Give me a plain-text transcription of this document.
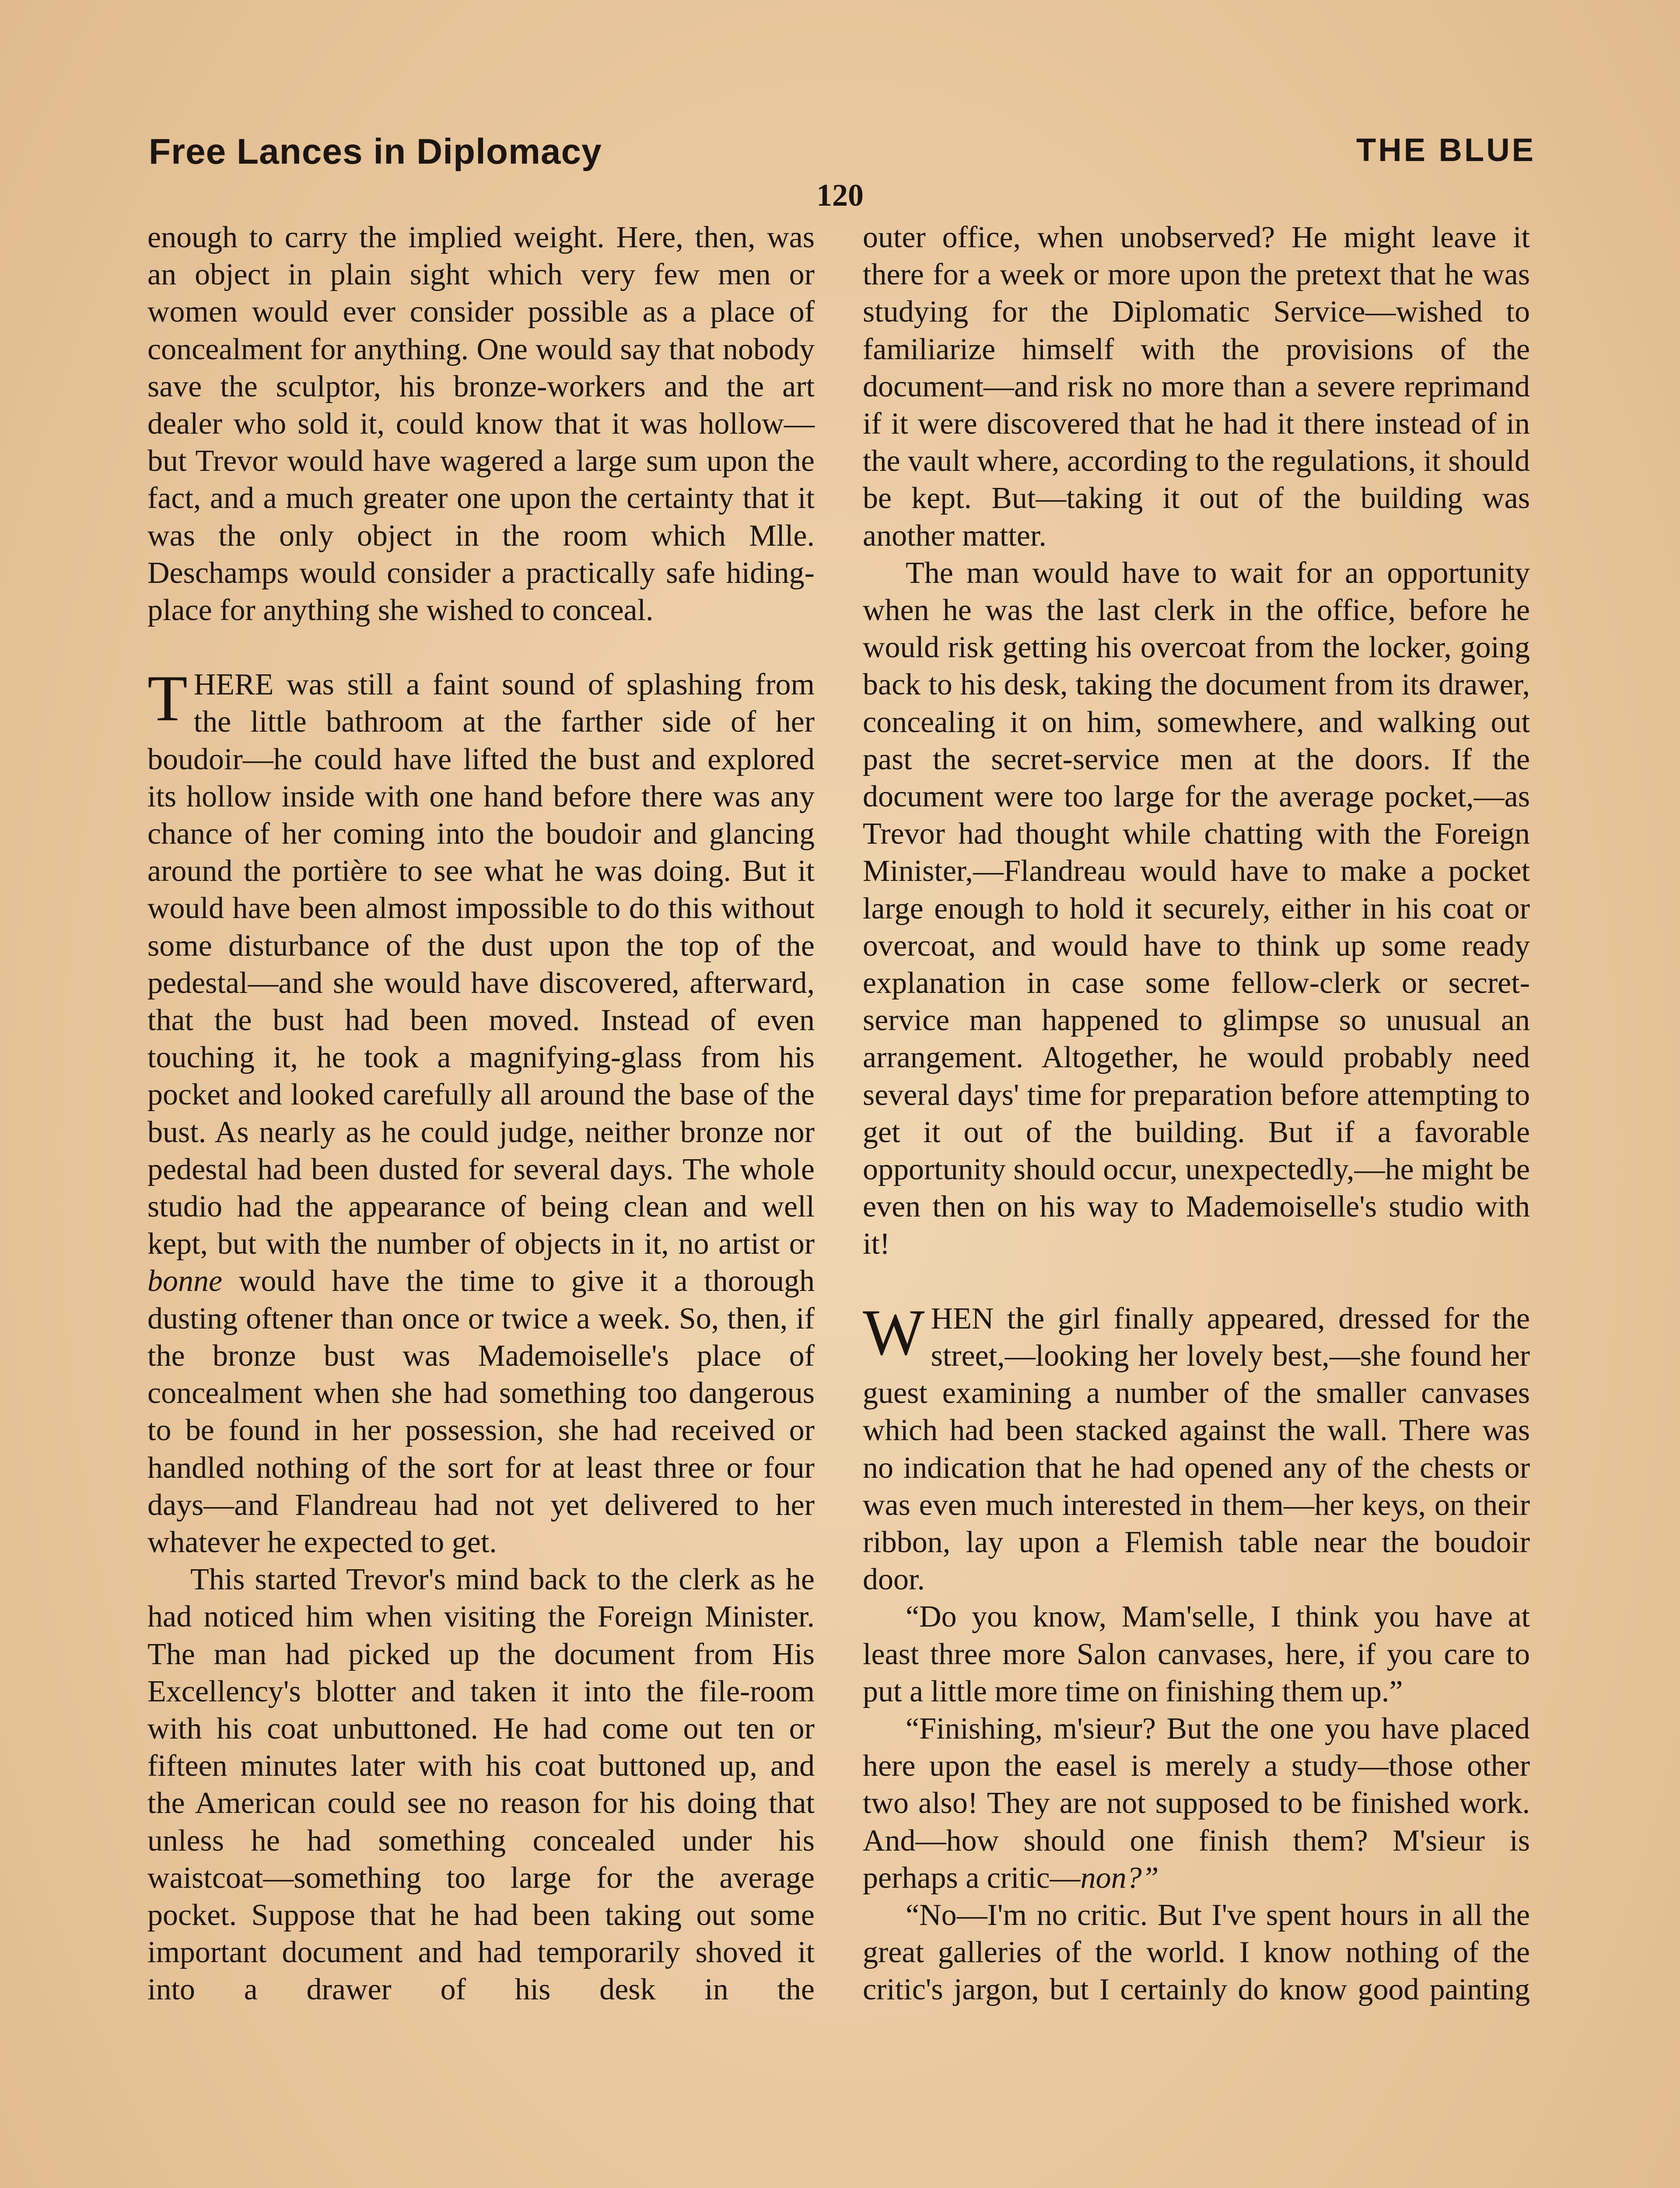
Free Lances in Diplomacy	THE BLUE
120

enough to carry the implied weight. Here, then, was an object in plain sight which very few men or women would ever consider possible as a place of concealment for anything. One would say that nobody save the sculptor, his bronze-workers and the art dealer who sold it, could know that it was hollow—but Trevor would have wagered a large sum upon the fact, and a much greater one upon the certainty that it was the only object in the room which Mlle. Deschamps would consider a practically safe hiding-place for anything she wished to conceal.

THERE was still a faint sound of splashing from the little bathroom at the farther side of her boudoir—he could have lifted the bust and explored its hollow inside with one hand before there was any chance of her coming into the boudoir and glancing around the portière to see what he was doing. But it would have been almost impossible to do this without some disturbance of the dust upon the top of the pedestal—and she would have discovered, afterward, that the bust had been moved. Instead of even touching it, he took a magnifying-glass from his pocket and looked carefully all around the base of the bust. As nearly as he could judge, neither bronze nor pedestal had been dusted for several days. The whole studio had the appearance of being clean and well kept, but with the number of objects in it, no artist or bonne would have the time to give it a thorough dusting oftener than once or twice a week. So, then, if the bronze bust was Mademoiselle's place of concealment when she had something too dangerous to be found in her possession, she had received or handled nothing of the sort for at least three or four days—and Flandreau had not yet delivered to her whatever he expected to get.

This started Trevor's mind back to the clerk as he had noticed him when visiting the Foreign Minister. The man had picked up the document from His Excellency's blotter and taken it into the file-room with his coat unbuttoned. He had come out ten or fifteen minutes later with his coat buttoned up, and the American could see no reason for his doing that unless he had something concealed under his waistcoat—something too large for the average pocket. Suppose that he had been taking out some important document and had temporarily shoved it into a drawer of his desk in the

outer office, when unobserved? He might leave it there for a week or more upon the pretext that he was studying for the Diplomatic Service—wished to familiarize himself with the provisions of the document—and risk no more than a severe reprimand if it were discovered that he had it there instead of in the vault where, according to the regulations, it should be kept. But—taking it out of the building was another matter.

The man would have to wait for an opportunity when he was the last clerk in the office, before he would risk getting his overcoat from the locker, going back to his desk, taking the document from its drawer, concealing it on him, somewhere, and walking out past the secret-service men at the doors. If the document were too large for the average pocket,—as Trevor had thought while chatting with the Foreign Minister,—Flandreau would have to make a pocket large enough to hold it securely, either in his coat or overcoat, and would have to think up some ready explanation in case some fellow-clerk or secret-service man happened to glimpse so unusual an arrangement. Altogether, he would probably need several days' time for preparation before attempting to get it out of the building. But if a favorable opportunity should occur, unexpectedly,—he might be even then on his way to Mademoiselle's studio with it!

WHEN the girl finally appeared, dressed for the street,—looking her lovely best,—she found her guest examining a number of the smaller canvases which had been stacked against the wall. There was no indication that he had opened any of the chests or was even much interested in them—her keys, on their ribbon, lay upon a Flemish table near the boudoir door.

“Do you know, Mam'selle, I think you have at least three more Salon canvases, here, if you care to put a little more time on finishing them up.”

“Finishing, m'sieur? But the one you have placed here upon the easel is merely a study—those other two also! They are not supposed to be finished work. And—how should one finish them? M'sieur is perhaps a critic—non?”

“No—I'm no critic. But I've spent hours in all the great galleries of the world. I know nothing of the critic's jargon, but I certainly do know good painting
